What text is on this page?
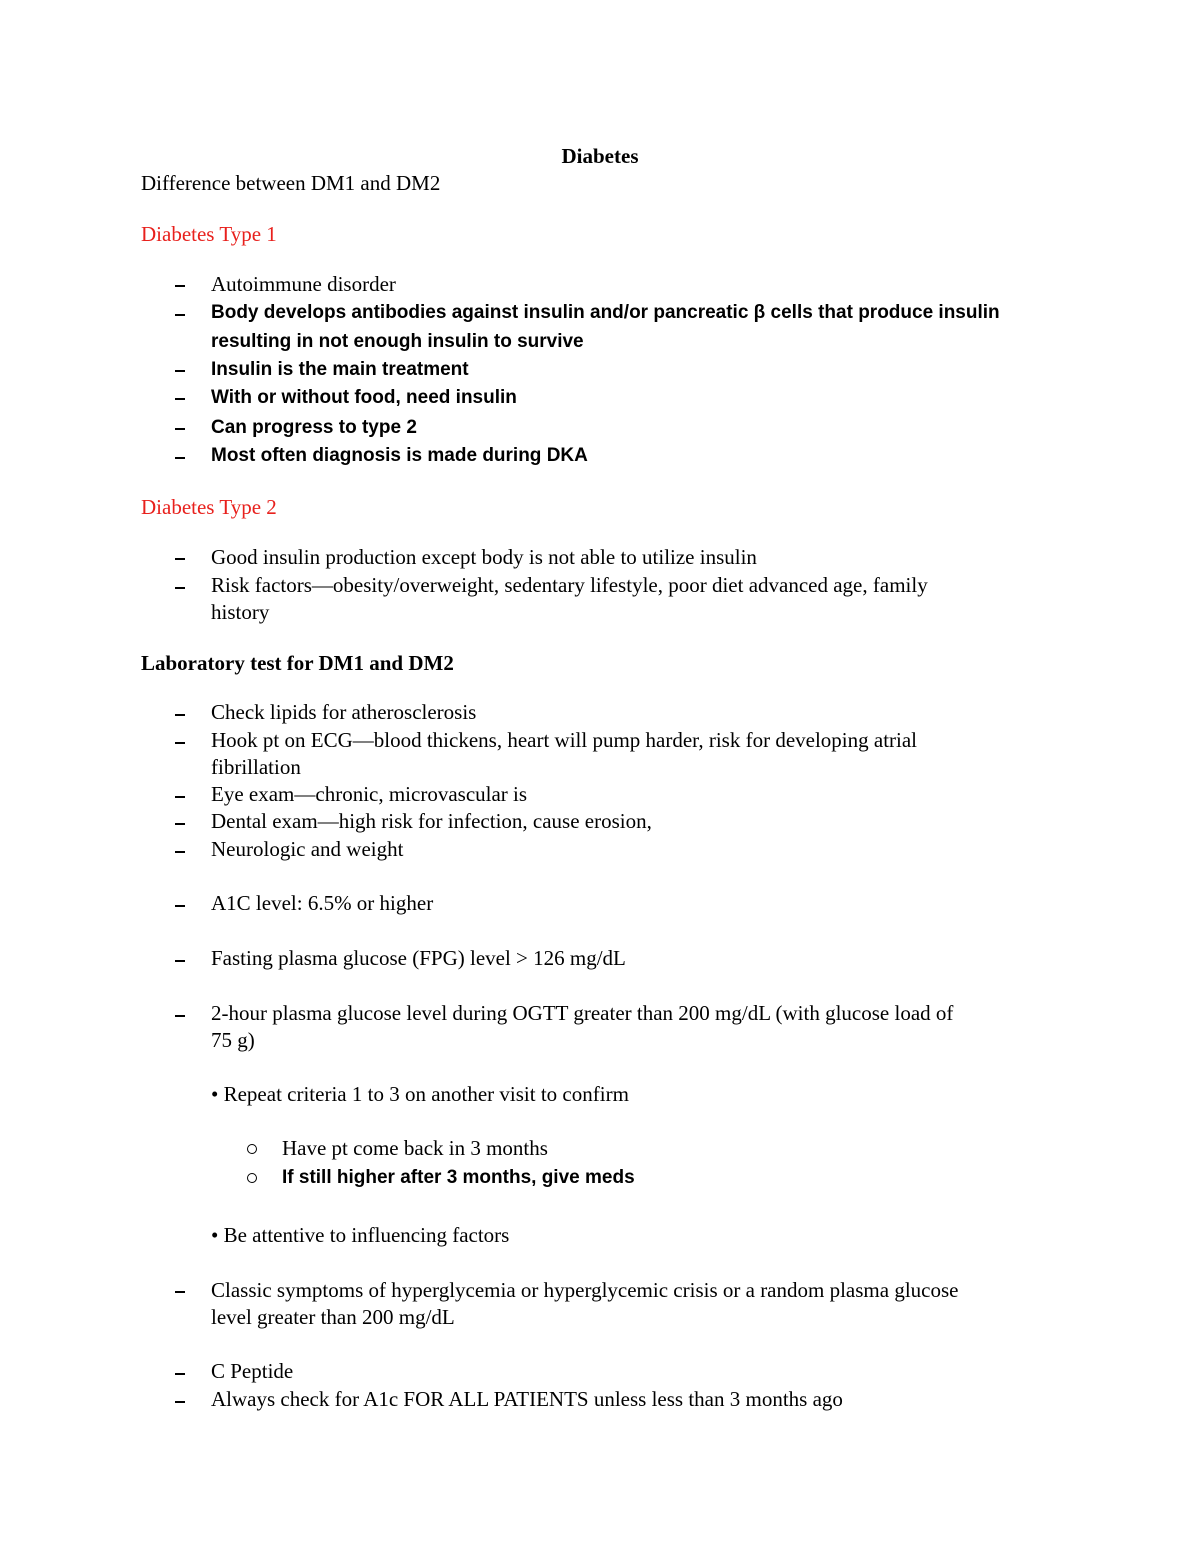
Diabetes
Difference between DM1 and DM2
Diabetes Type 1
Autoimmune disorder
Body develops antibodies against insulin and/or pancreatic β cells that produce insulin
resulting in not enough insulin to survive
Insulin is the main treatment
With or without food, need insulin
Can progress to type 2
Most often diagnosis is made during DKA
Diabetes Type 2
Good insulin production except body is not able to utilize insulin
Risk factors—obesity/overweight, sedentary lifestyle, poor diet advanced age, family
history
Laboratory test for DM1 and DM2
Check lipids for atherosclerosis
Hook pt on ECG—blood thickens, heart will pump harder, risk for developing atrial
fibrillation
Eye exam—chronic, microvascular is
Dental exam—high risk for infection, cause erosion,
Neurologic and weight
A1C level: 6.5% or higher
Fasting plasma glucose (FPG) level > 126 mg/dL
2-hour plasma glucose level during OGTT greater than 200 mg/dL (with glucose load of
75 g)
• Repeat criteria 1 to 3 on another visit to confirm
Have pt come back in 3 months
If still higher after 3 months, give meds
• Be attentive to influencing factors
Classic symptoms of hyperglycemia or hyperglycemic crisis or a random plasma glucose
level greater than 200 mg/dL
C Peptide
Always check for A1c FOR ALL PATIENTS unless less than 3 months ago
